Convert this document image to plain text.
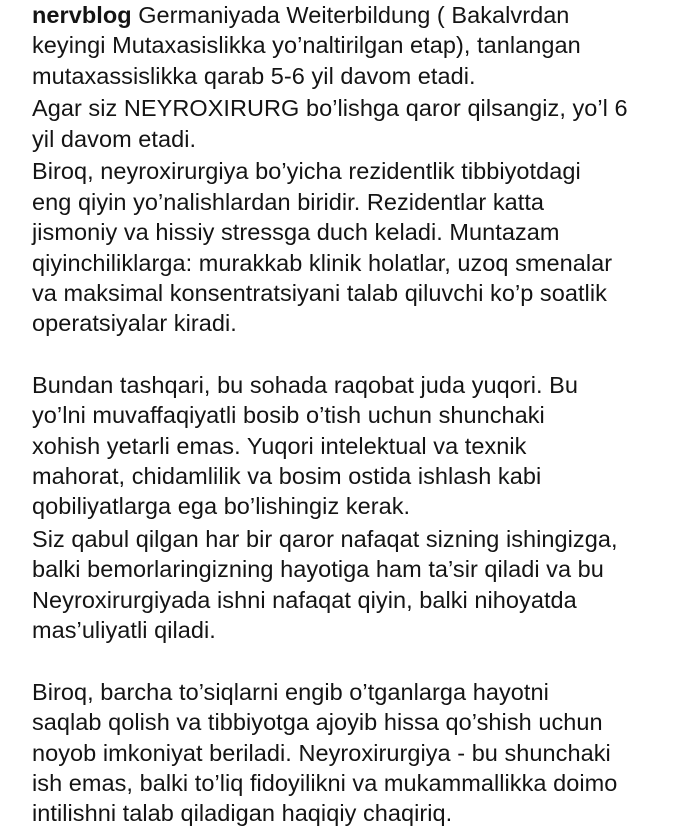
nervblog Germaniyada Weiterbildung ( Bakalvrdan
keyingi Mutaxasislikka yo’naltirilgan etap), tanlangan
mutaxassislikka qarab 5-6 yil davom etadi.

Agar siz NEYROXIRURG bo’lishga qaror qilsangiz, yo’l 6
yil davom etadi.

Biroq, neyroxirurgiya bo’yicha rezidentlik tibbiyotdagi
eng qiyin yo’nalishlardan biridir. Rezidentlar katta
jismoniy va hissiy stressga duch keladi. Muntazam
qiyinchiliklarga: murakkab klinik holatlar, uzoq smenalar
va maksimal konsentratsiyani talab qiluvchi ko’p soatlik
operatsiyalar kiradi.

Bundan tashqari, bu sohada raqobat juda yuqori. Bu
yo’lni muvaffaqiyatli bosib o’tish uchun shunchaki
xohish yetarli emas. Yuqori intelektual va texnik
mahorat, chidamlilik va bosim ostida ishlash kabi
qobiliyatlarga ega bo’lishingiz kerak.

Siz qabul qilgan har bir qaror nafaqat sizning ishingizga,
balki bemorlaringizning hayotiga ham ta’sir qiladi va bu
Neyroxirurgiyada ishni nafaqat qiyin, balki nihoyatda
mas’uliyatli qiladi.

Biroq, barcha to’siqlarni engib o’tganlarga hayotni
saqlab qolish va tibbiyotga ajoyib hissa qo’shish uchun
noyob imkoniyat beriladi. Neyroxirurgiya - bu shunchaki
ish emas, balki to’liq fidoyilikni va mukammallikka doimo
intilishni talab qiladigan haqiqiy chaqiriq.
